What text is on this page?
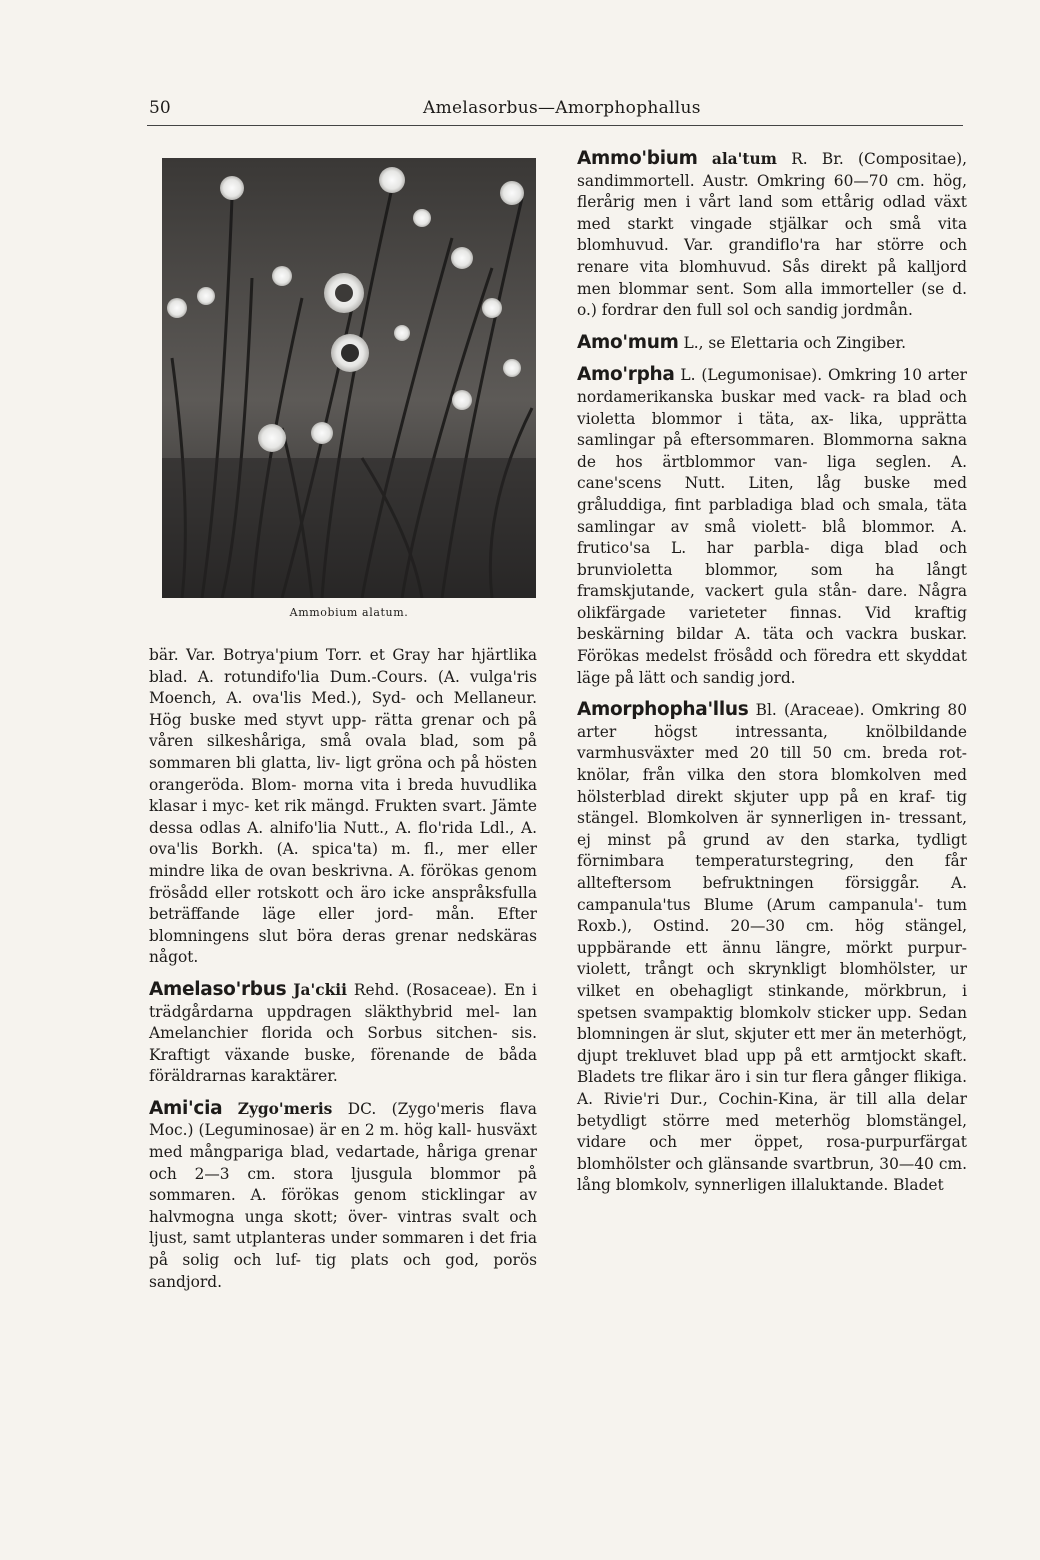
50	Amelasorbus—Amorphophallus
Ammobium alatum.

bär. Var. Botrya'pium Torr. et Gray har hjärtlika blad. A. rotundifo'lia Dum.-Cours. (A. vulga'ris Moench, A. ova'lis Med.), Syd- och Mellaneur. Hög buske med styvt upp- rätta grenar och på våren silkeshåriga, små ovala blad, som på sommaren bli glatta, liv- ligt gröna och på hösten orangeröda. Blom- morna vita i breda huvudlika klasar i myc- ket rik mängd. Frukten svart. Jämte dessa odlas A. alnifo'lia Nutt., A. flo'rida Ldl., A. ova'lis Borkh. (A. spica'ta) m. fl., mer eller mindre lika de ovan beskrivna. A. förökas genom frösådd eller rotskott och äro icke anspråksfulla beträffande läge eller jord- mån. Efter blomningens slut böra deras grenar nedskäras något.

Amelaso'rbus Ja'ckii Rehd. (Rosaceae). En i trädgårdarna uppdragen släkthybrid mel- lan Amelanchier florida och Sorbus sitchen- sis. Kraftigt växande buske, förenande de båda föräldrarnas karaktärer.

Ami'cia Zygo'meris DC. (Zygo'meris flava Moc.) (Leguminosae) är en 2 m. hög kall- husväxt med mångpariga blad, vedartade, håriga grenar och 2—3 cm. stora ljusgula blommor på sommaren. A. förökas genom sticklingar av halvmogna unga skott; över- vintras svalt och ljust, samt utplanteras under sommaren i det fria på solig och luf- tig plats och god, porös sandjord.

Ammo'bium ala'tum R. Br. (Compositae), sandimmortell. Austr. Omkring 60—70 cm. hög, flerårig men i vårt land som ettårig odlad växt med starkt vingade stjälkar och små vita blomhuvud. Var. grandiflo'ra har större och renare vita blomhuvud. Sås direkt på kalljord men blommar sent. Som alla immorteller (se d. o.) fordrar den full sol och sandig jordmån.

Amo'mum L., se Elettaria och Zingiber.

Amo'rpha L. (Legumonisae). Omkring 10 arter nordamerikanska buskar med vack- ra blad och violetta blommor i täta, ax- lika, upprätta samlingar på eftersommaren. Blommorna sakna de hos ärtblommor van- liga seglen. A. cane'scens Nutt. Liten, låg buske med gråluddiga, fint parbladiga blad och smala, täta samlingar av små violett- blå blommor. A. frutico'sa L. har parbla- diga blad och brunvioletta blommor, som ha långt framskjutande, vackert gula stån- dare. Några olikfärgade varieteter finnas. Vid kraftig beskärning bildar A. täta och vackra buskar. Förökas medelst frösådd och föredra ett skyddat läge på lätt och sandig jord.

Amorphopha'llus Bl. (Araceae). Omkring 80 arter högst intressanta, knölbildande varmhusväxter med 20 till 50 cm. breda rot- knölar, från vilka den stora blomkolven med hölsterblad direkt skjuter upp på en kraf- tig stängel. Blomkolven är synnerligen in- tressant, ej minst på grund av den starka, tydligt förnimbara temperaturstegring, den får allteftersom befruktningen försiggår. A. campanula'tus Blume (Arum campanula'- tum Roxb.), Ostind. 20—30 cm. hög stängel, uppbärande ett ännu längre, mörkt purpur- violett, trångt och skrynkligt blomhölster, ur vilket en obehagligt stinkande, mörkbrun, i spetsen svampaktig blomkolv sticker upp. Sedan blomningen är slut, skjuter ett mer än meterhögt, djupt trekluvet blad upp på ett armtjockt skaft. Bladets tre flikar äro i sin tur flera gånger flikiga. A. Rivie'ri Dur., Cochin-Kina, är till alla delar betydligt större med meterhög blomstängel, vidare och mer öppet, rosa-purpurfärgat blomhölster och glänsande svartbrun, 30—40 cm. lång blomkolv, synnerligen illaluktande. Bladet
